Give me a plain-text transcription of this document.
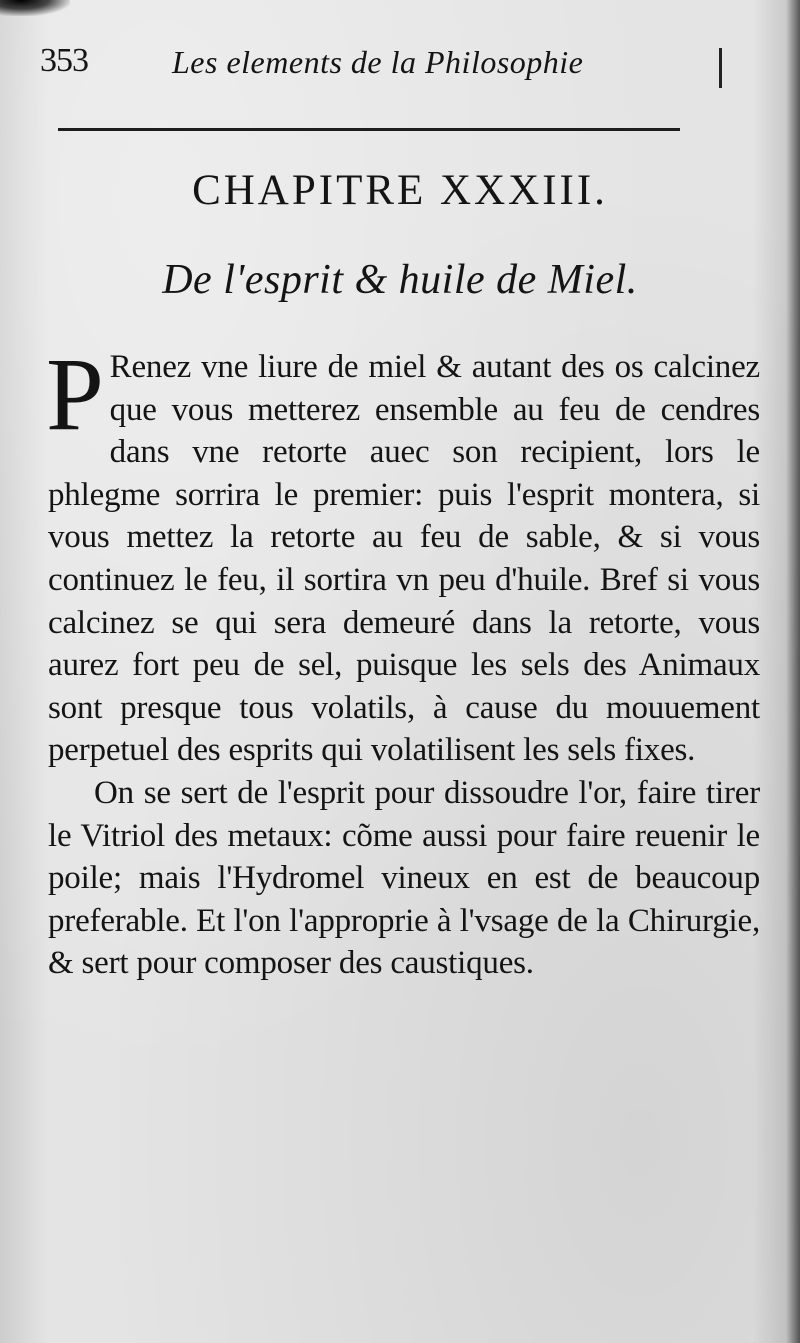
353	Les elements de la Philosophie
CHAPITRE XXXIII.
De l'esprit & huile de Miel.

P Renez vne liure de miel & autant des os calcinez que vous metterez ensemble au feu de cendres dans vne retorte auec son recipient, lors le phlegme sorrira le premier: puis l'esprit montera, si vous mettez la retorte au feu de sable, & si vous continuez le feu, il sortira vn peu d'huile. Bref si vous calcinez se qui sera demeuré dans la retorte, vous aurez fort peu de sel, puisque les sels des Animaux sont presque tous volatils, à cause du mouuement perpetuel des esprits qui volatilisent les sels fixes.

On se sert de l'esprit pour dissoudre l'or, faire tirer le Vitriol des metaux: cõme aussi pour faire reuenir le poile; mais l'Hydromel vineux en est de beaucoup preferable. Et l'on l'approprie à l'vsage de la Chirurgie, & sert pour composer des caustiques.
